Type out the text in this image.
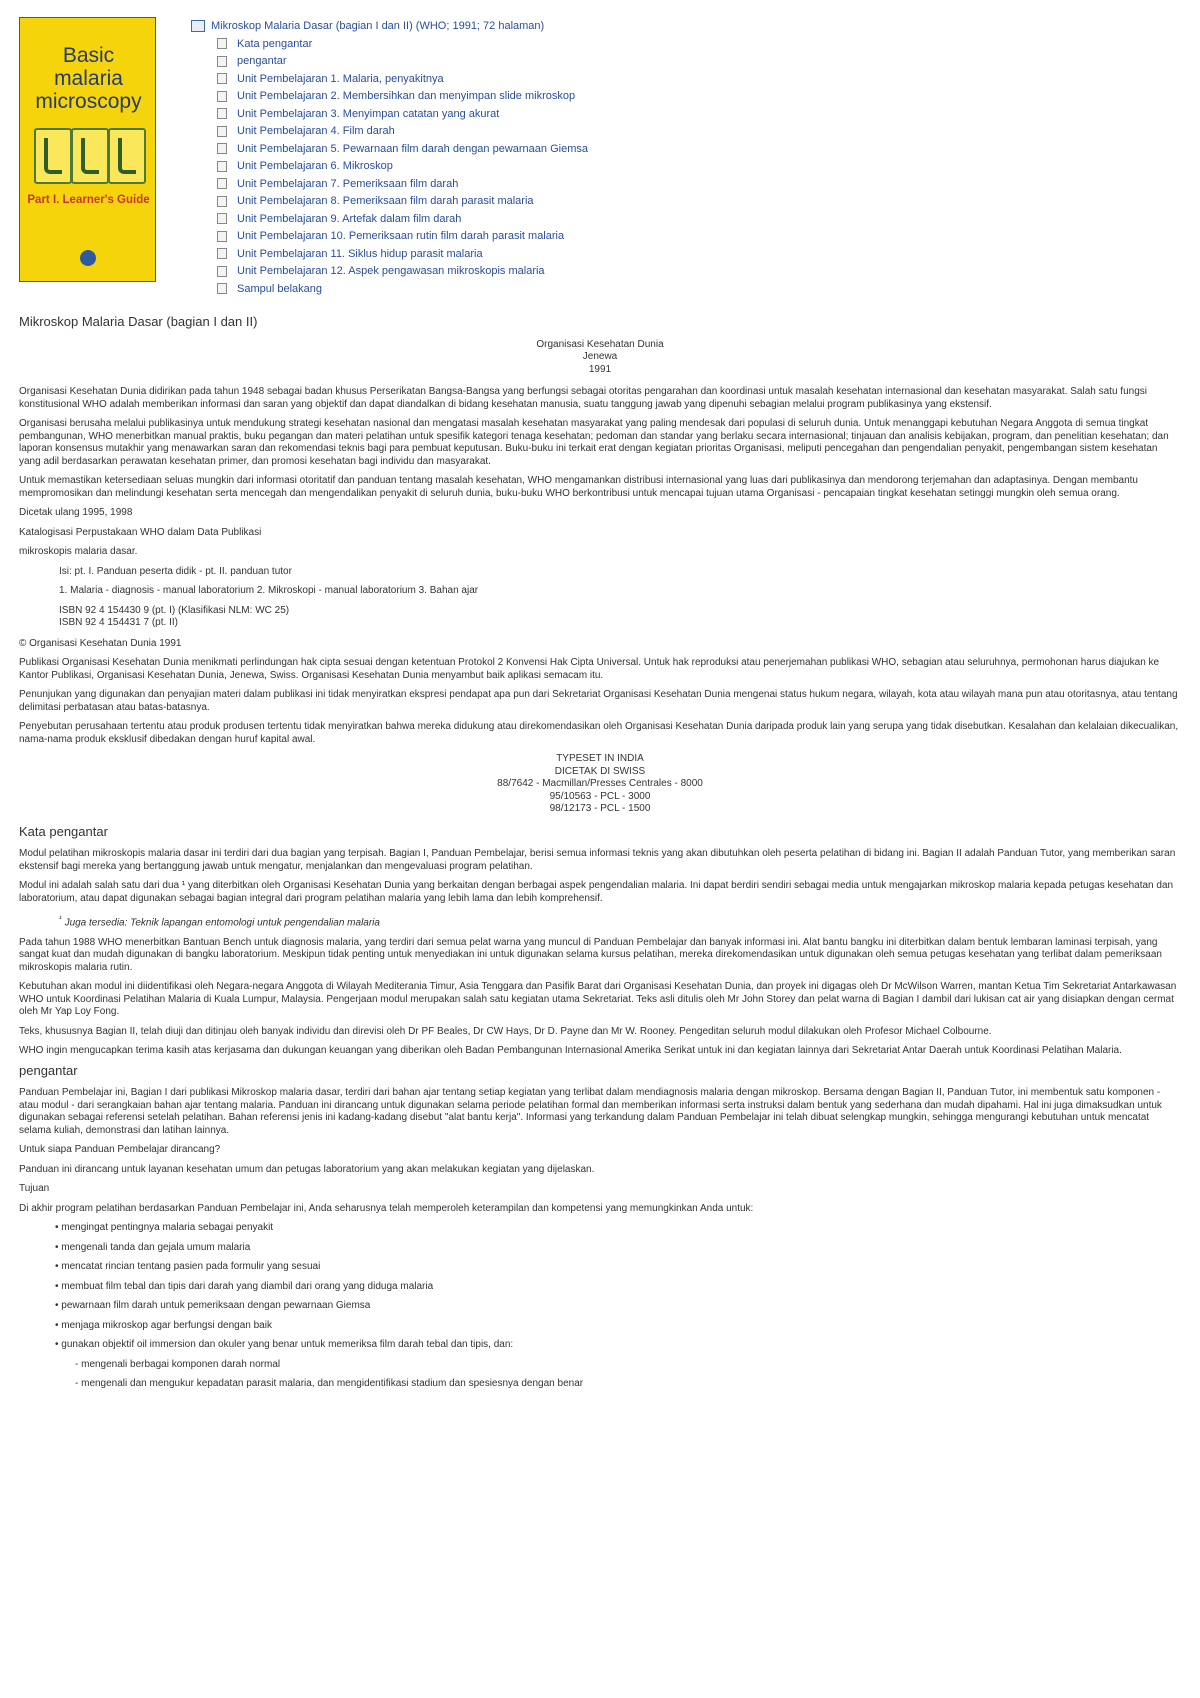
Basic
malaria
microscopy
Part I. Learner's Guide
Mikroskop Malaria Dasar (bagian I dan II) (WHO; 1991; 72 halaman)
Kata pengantar
pengantar
Unit Pembelajaran 1. Malaria, penyakitnya
Unit Pembelajaran 2. Membersihkan dan menyimpan slide mikroskop
Unit Pembelajaran 3. Menyimpan catatan yang akurat
Unit Pembelajaran 4. Film darah
Unit Pembelajaran 5. Pewarnaan film darah dengan pewarnaan Giemsa
Unit Pembelajaran 6. Mikroskop
Unit Pembelajaran 7. Pemeriksaan film darah
Unit Pembelajaran 8. Pemeriksaan film darah parasit malaria
Unit Pembelajaran 9. Artefak dalam film darah
Unit Pembelajaran 10. Pemeriksaan rutin film darah parasit malaria
Unit Pembelajaran 11. Siklus hidup parasit malaria
Unit Pembelajaran 12. Aspek pengawasan mikroskopis malaria
Sampul belakang
Mikroskop Malaria Dasar (bagian I dan II)
Organisasi Kesehatan Dunia
Jenewa
1991

Organisasi Kesehatan Dunia didirikan pada tahun 1948 sebagai badan khusus Perserikatan Bangsa-Bangsa yang berfungsi sebagai otoritas pengarahan dan koordinasi untuk masalah kesehatan internasional dan kesehatan masyarakat. Salah satu fungsi konstitusional WHO adalah memberikan informasi dan saran yang objektif dan dapat diandalkan di bidang kesehatan manusia, suatu tanggung jawab yang dipenuhi sebagian melalui program publikasinya yang ekstensif.

Organisasi berusaha melalui publikasinya untuk mendukung strategi kesehatan nasional dan mengatasi masalah kesehatan masyarakat yang paling mendesak dari populasi di seluruh dunia. Untuk menanggapi kebutuhan Negara Anggota di semua tingkat pembangunan, WHO menerbitkan manual praktis, buku pegangan dan materi pelatihan untuk spesifik kategori tenaga kesehatan; pedoman dan standar yang berlaku secara internasional; tinjauan dan analisis kebijakan, program, dan penelitian kesehatan; dan laporan konsensus mutakhir yang menawarkan saran dan rekomendasi teknis bagi para pembuat keputusan. Buku-buku ini terkait erat dengan kegiatan prioritas Organisasi, meliputi pencegahan dan pengendalian penyakit, pengembangan sistem kesehatan yang adil berdasarkan perawatan kesehatan primer, dan promosi kesehatan bagi individu dan masyarakat.

Untuk memastikan ketersediaan seluas mungkin dari informasi otoritatif dan panduan tentang masalah kesehatan, WHO mengamankan distribusi internasional yang luas dari publikasinya dan mendorong terjemahan dan adaptasinya. Dengan membantu mempromosikan dan melindungi kesehatan serta mencegah dan mengendalikan penyakit di seluruh dunia, buku-buku WHO berkontribusi untuk mencapai tujuan utama Organisasi - pencapaian tingkat kesehatan setinggi mungkin oleh semua orang.

Dicetak ulang 1995, 1998

Katalogisasi Perpustakaan WHO dalam Data Publikasi

mikroskopis malaria dasar.

Isi: pt. I. Panduan peserta didik - pt. II. panduan tutor

1. Malaria - diagnosis - manual laboratorium 2. Mikroskopi - manual laboratorium 3. Bahan ajar

ISBN 92 4 154430 9 (pt. I) (Klasifikasi NLM: WC 25)
ISBN 92 4 154431 7 (pt. II)

© Organisasi Kesehatan Dunia 1991

Publikasi Organisasi Kesehatan Dunia menikmati perlindungan hak cipta sesuai dengan ketentuan Protokol 2 Konvensi Hak Cipta Universal. Untuk hak reproduksi atau penerjemahan publikasi WHO, sebagian atau seluruhnya, permohonan harus diajukan ke Kantor Publikasi, Organisasi Kesehatan Dunia, Jenewa, Swiss. Organisasi Kesehatan Dunia menyambut baik aplikasi semacam itu.

Penunjukan yang digunakan dan penyajian materi dalam publikasi ini tidak menyiratkan ekspresi pendapat apa pun dari Sekretariat Organisasi Kesehatan Dunia mengenai status hukum negara, wilayah, kota atau wilayah mana pun atau otoritasnya, atau tentang delimitasi perbatasan atau batas-batasnya.

Penyebutan perusahaan tertentu atau produk produsen tertentu tidak menyiratkan bahwa mereka didukung atau direkomendasikan oleh Organisasi Kesehatan Dunia daripada produk lain yang serupa yang tidak disebutkan. Kesalahan dan kelalaian dikecualikan, nama-nama produk eksklusif dibedakan dengan huruf kapital awal.

TYPESET IN INDIA
DICETAK DI SWISS
88/7642 - Macmillan/Presses Centrales - 8000
95/10563 - PCL - 3000
98/12173 - PCL - 1500
Kata pengantar

Modul pelatihan mikroskopis malaria dasar ini terdiri dari dua bagian yang terpisah. Bagian I, Panduan Pembelajar, berisi semua informasi teknis yang akan dibutuhkan oleh peserta pelatihan di bidang ini. Bagian II adalah Panduan Tutor, yang memberikan saran ekstensif bagi mereka yang bertanggung jawab untuk mengatur, menjalankan dan mengevaluasi program pelatihan.

Modul ini adalah salah satu dari dua ¹ yang diterbitkan oleh Organisasi Kesehatan Dunia yang berkaitan dengan berbagai aspek pengendalian malaria. Ini dapat berdiri sendiri sebagai media untuk mengajarkan mikroskop malaria kepada petugas kesehatan dan laboratorium, atau dapat digunakan sebagai bagian integral dari program pelatihan malaria yang lebih lama dan lebih komprehensif.

$^{^1}$ Juga tersedia: Teknik lapangan entomologi untuk pengendalian malaria

Pada tahun 1988 WHO menerbitkan Bantuan Bench untuk diagnosis malaria, yang terdiri dari semua pelat warna yang muncul di Panduan Pembelajar dan banyak informasi ini. Alat bantu bangku ini diterbitkan dalam bentuk lembaran laminasi terpisah, yang sangat kuat dan mudah digunakan di bangku laboratorium. Meskipun tidak penting untuk menyediakan ini untuk digunakan selama kursus pelatihan, mereka direkomendasikan untuk digunakan oleh semua petugas kesehatan yang terlibat dalam pemeriksaan mikroskopis malaria rutin.

Kebutuhan akan modul ini diidentifikasi oleh Negara-negara Anggota di Wilayah Mediterania Timur, Asia Tenggara dan Pasifik Barat dari Organisasi Kesehatan Dunia, dan proyek ini digagas oleh Dr McWilson Warren, mantan Ketua Tim Sekretariat Antarkawasan WHO untuk Koordinasi Pelatihan Malaria di Kuala Lumpur, Malaysia. Pengerjaan modul merupakan salah satu kegiatan utama Sekretariat. Teks asli ditulis oleh Mr John Storey dan pelat warna di Bagian I dambil dari lukisan cat air yang disiapkan dengan cermat oleh Mr Yap Loy Fong.

Teks, khususnya Bagian II, telah diuji dan ditinjau oleh banyak individu dan direvisi oleh Dr PF Beales, Dr CW Hays, Dr D. Payne dan Mr W. Rooney. Pengeditan seluruh modul dilakukan oleh Profesor Michael Colbourne.

WHO ingin mengucapkan terima kasih atas kerjasama dan dukungan keuangan yang diberikan oleh Badan Pembangunan Internasional Amerika Serikat untuk ini dan kegiatan lainnya dari Sekretariat Antar Daerah untuk Koordinasi Pelatihan Malaria.

pengantar

Panduan Pembelajar ini, Bagian I dari publikasi Mikroskop malaria dasar, terdiri dari bahan ajar tentang setiap kegiatan yang terlibat dalam mendiagnosis malaria dengan mikroskop. Bersama dengan Bagian II, Panduan Tutor, ini membentuk satu komponen - atau modul - dari serangkaian bahan ajar tentang malaria. Panduan ini dirancang untuk digunakan selama periode pelatihan formal dan memberikan informasi serta instruksi dalam bentuk yang sederhana dan mudah dipahami. Hal ini juga dimaksudkan untuk digunakan sebagai referensi setelah pelatihan. Bahan referensi jenis ini kadang-kadang disebut "alat bantu kerja". Informasi yang terkandung dalam Panduan Pembelajar ini telah dibuat selengkap mungkin, sehingga mengurangi kebutuhan untuk mencatat selama kuliah, demonstrasi dan latihan lainnya.

Untuk siapa Panduan Pembelajar dirancang?

Panduan ini dirancang untuk layanan kesehatan umum dan petugas laboratorium yang akan melakukan kegiatan yang dijelaskan.

Tujuan

Di akhir program pelatihan berdasarkan Panduan Pembelajar ini, Anda seharusnya telah memperoleh keterampilan dan kompetensi yang memungkinkan Anda untuk:

• mengingat pentingnya malaria sebagai penyakit

• mengenali tanda dan gejala umum malaria

• mencatat rincian tentang pasien pada formulir yang sesuai

• membuat film tebal dan tipis dari darah yang diambil dari orang yang diduga malaria

• pewarnaan film darah untuk pemeriksaan dengan pewarnaan Giemsa

• menjaga mikroskop agar berfungsi dengan baik

• gunakan objektif oil immersion dan okuler yang benar untuk memeriksa film darah tebal dan tipis, dan:

- mengenali berbagai komponen darah normal

- mengenali dan mengukur kepadatan parasit malaria, dan mengidentifikasi stadium dan spesiesnya dengan benar
